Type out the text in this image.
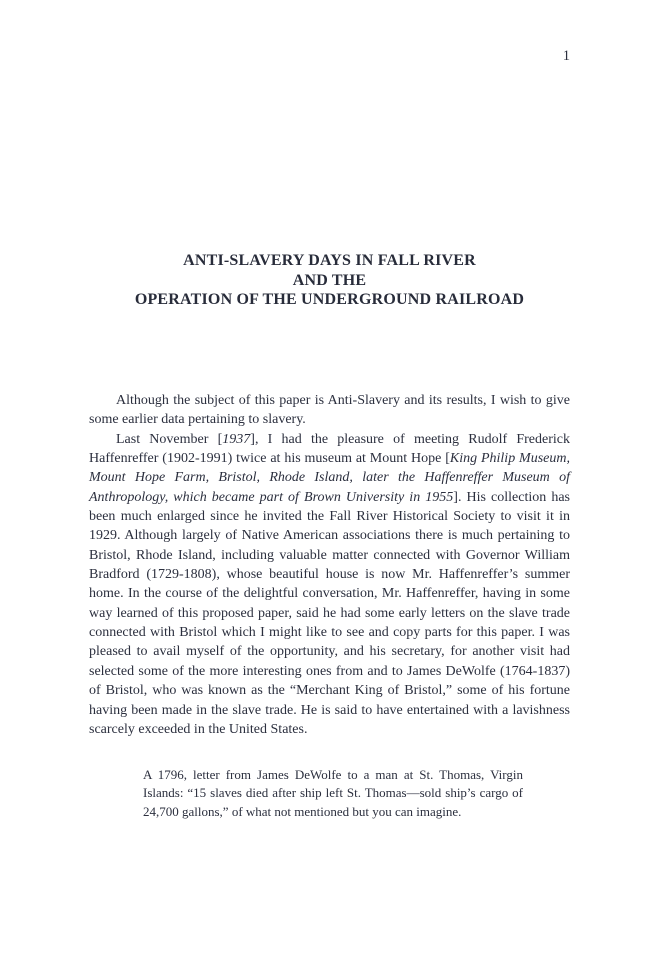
1
ANTI-SLAVERY DAYS IN FALL RIVER
AND THE
OPERATION OF THE UNDERGROUND RAILROAD

Although the subject of this paper is Anti-Slavery and its results, I wish to give some earlier data pertaining to slavery.

Last November [1937], I had the pleasure of meeting Rudolf Frederick Haffenreffer (1902-1991) twice at his museum at Mount Hope [King Philip Museum, Mount Hope Farm, Bristol, Rhode Island, later the Haffenreffer Museum of Anthropology, which became part of Brown University in 1955]. His collection has been much enlarged since he invited the Fall River Historical Society to visit it in 1929. Although largely of Native American associations there is much pertaining to Bristol, Rhode Island, including valuable matter connected with Governor William Bradford (1729-1808), whose beautiful house is now Mr. Haffenreffer’s summer home. In the course of the delightful conversation, Mr. Haffenreffer, having in some way learned of this proposed paper, said he had some early letters on the slave trade connected with Bristol which I might like to see and copy parts for this paper. I was pleased to avail myself of the opportunity, and his secretary, for another visit had selected some of the more interesting ones from and to James DeWolfe (1764-1837) of Bristol, who was known as the “Merchant King of Bristol,” some of his fortune having been made in the slave trade. He is said to have entertained with a lavishness scarcely exceeded in the United States.

A 1796, letter from James DeWolfe to a man at St. Thomas, Virgin Islands: “15 slaves died after ship left St. Thomas—sold ship’s cargo of 24,700 gallons,” of what not mentioned but you can imagine.
